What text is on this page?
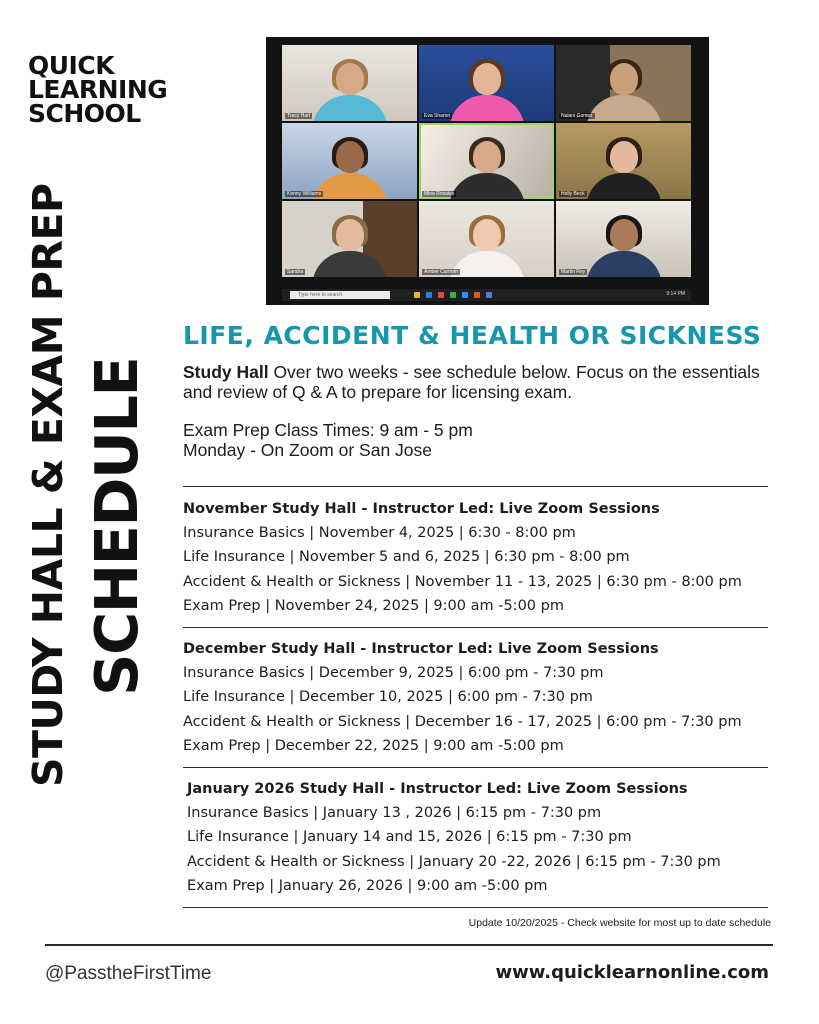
QUICK
LEARNING
SCHOOL
STUDY HALL & EXAM PREP SCHEDULE
Tracy Hart	Eva Sharon	Nalani Gomez
Kenny Williams	Mina Rosales	Holly Beck
Sandra	Amber Carmen	Martin Rey
Type here to search	9:14 PM
LIFE, ACCIDENT & HEALTH OR SICKNESS
Study Hall Over two weeks - see schedule below. Focus on the essentials and review of Q & A to prepare for licensing exam.
Exam Prep Class Times: 9 am - 5 pm
Monday - On Zoom or San Jose
November Study Hall - Instructor Led: Live Zoom Sessions
Insurance Basics | November 4, 2025 | 6:30 - 8:00 pm
Life Insurance | November 5 and 6, 2025 | 6:30 pm - 8:00 pm
Accident & Health or Sickness | November 11 - 13, 2025 | 6:30 pm - 8:00 pm
Exam Prep | November 24, 2025 | 9:00 am -5:00 pm
December Study Hall - Instructor Led: Live Zoom Sessions
Insurance Basics | December 9, 2025 | 6:00 pm - 7:30 pm
Life Insurance | December 10, 2025 | 6:00 pm - 7:30 pm
Accident & Health or Sickness | December 16 - 17, 2025 | 6:00 pm - 7:30 pm
Exam Prep | December 22, 2025 | 9:00 am -5:00 pm
January 2026 Study Hall - Instructor Led: Live Zoom Sessions
Insurance Basics | January 13 , 2026 | 6:15 pm - 7:30 pm
Life Insurance | January 14 and 15, 2026 | 6:15 pm - 7:30 pm
Accident & Health or Sickness | January 20 -22, 2026 | 6:15 pm - 7:30 pm
Exam Prep | January 26, 2026 | 9:00 am -5:00 pm
Update 10/20/2025 - Check website for most up to date schedule
@PasstheFirstTime	www.quicklearnonline.com
